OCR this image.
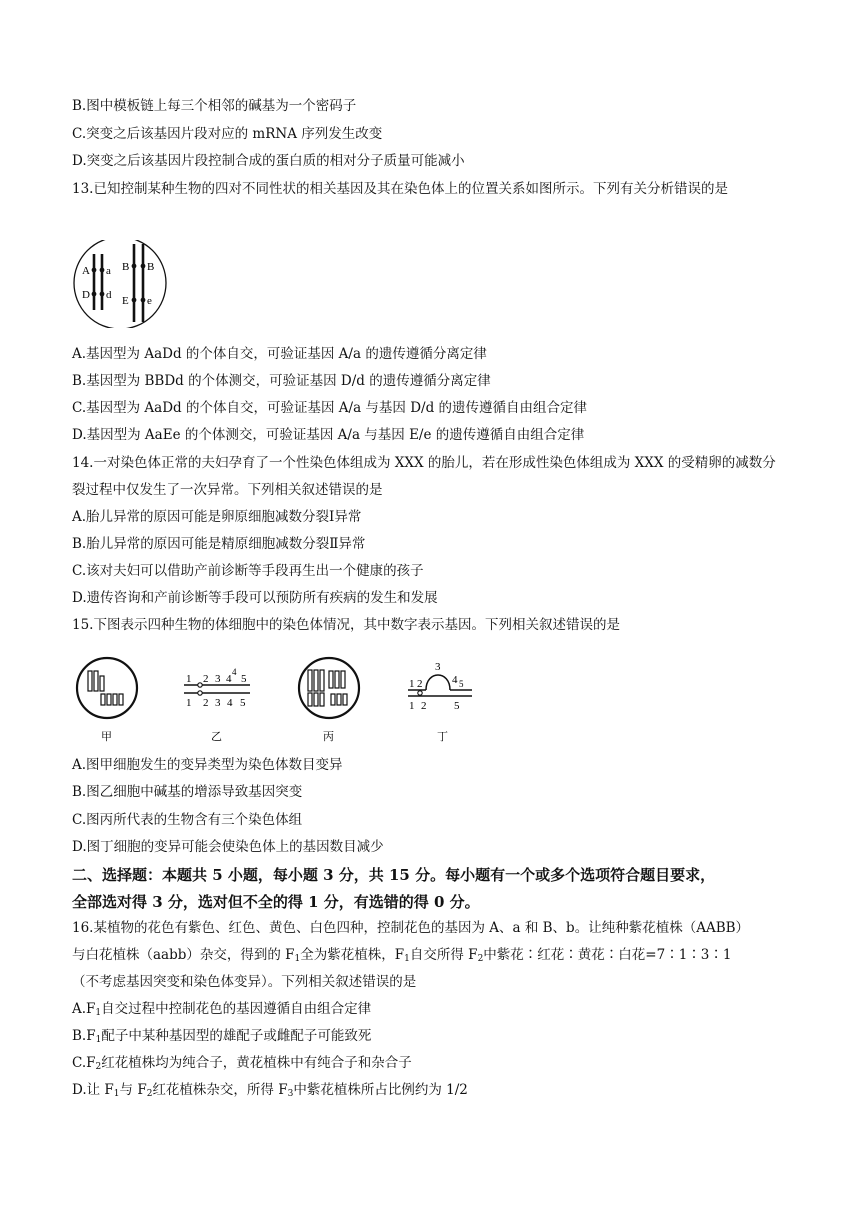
B.图中模板链上每三个相邻的碱基为一个密码子
C.突变之后该基因片段对应的 mRNA 序列发生改变
D.突变之后该基因片段控制合成的蛋白质的相对分子质量可能减小
13.已知控制某种生物的四对不同性状的相关基因及其在染色体上的位置关系如图所示。下列有关分析错误的是
A a
D d
B B
E e
A.基因型为 AaDd 的个体自交，可验证基因 A/a 的遗传遵循分离定律
B.基因型为 BBDd 的个体测交，可验证基因 D/d 的遗传遵循分离定律
C.基因型为 AaDd 的个体自交，可验证基因 A/a 与基因 D/d 的遗传遵循自由组合定律
D.基因型为 AaEe 的个体测交，可验证基因 A/a 与基因 E/e 的遗传遵循自由组合定律
14.一对染色体正常的夫妇孕育了一个性染色体组成为 XXX 的胎儿，若在形成性染色体组成为 XXX 的受精卵的减数分裂过程中仅发生了一次异常。下列相关叙述错误的是
A.胎儿异常的原因可能是卵原细胞减数分裂Ⅰ异常
B.胎儿异常的原因可能是精原细胞减数分裂Ⅱ异常
C.该对夫妇可以借助产前诊断等手段再生出一个健康的孩子
D.遗传咨询和产前诊断等手段可以预防所有疾病的发生和发展
15.下图表示四种生物的体细胞中的染色体情况，其中数字表示基因。下列相关叙述错误的是
甲
1 2 3 4
4
5
1 2 3 4 5
乙	丙
1 2
3
4 5
1 2	5
丁
A.图甲细胞发生的变异类型为染色体数目变异
B.图乙细胞中碱基的增添导致基因突变
C.图丙所代表的生物含有三个染色体组
D.图丁细胞的变异可能会使染色体上的基因数目减少
二、选择题：本题共 5 小题，每小题 3 分，共 15 分。每小题有一个或多个选项符合题目要求，
全部选对得 3 分，选对但不全的得 1 分，有选错的得 0 分。
16.某植物的花色有紫色、红色、黄色、白色四种，控制花色的基因为 A、a 和 B、b。让纯种紫花植株（AABB）
与白花植株（aabb）杂交，得到的 $F_1$全为紫花植株，$F_1$自交所得 $F_2$中紫花∶红花∶黄花∶白花=7∶1∶3∶1
（不考虑基因突变和染色体变异）。下列相关叙述错误的是
$A.F_1$自交过程中控制花色的基因遵循自由组合定律
$B.F_1$配子中某种基因型的雄配子或雌配子可能致死
$C.F_2$红花植株均为纯合子，黄花植株中有纯合子和杂合子
D.让 $F_1$与 $F_2$红花植株杂交，所得 $F_3$中紫花植株所占比例约为 1/2
